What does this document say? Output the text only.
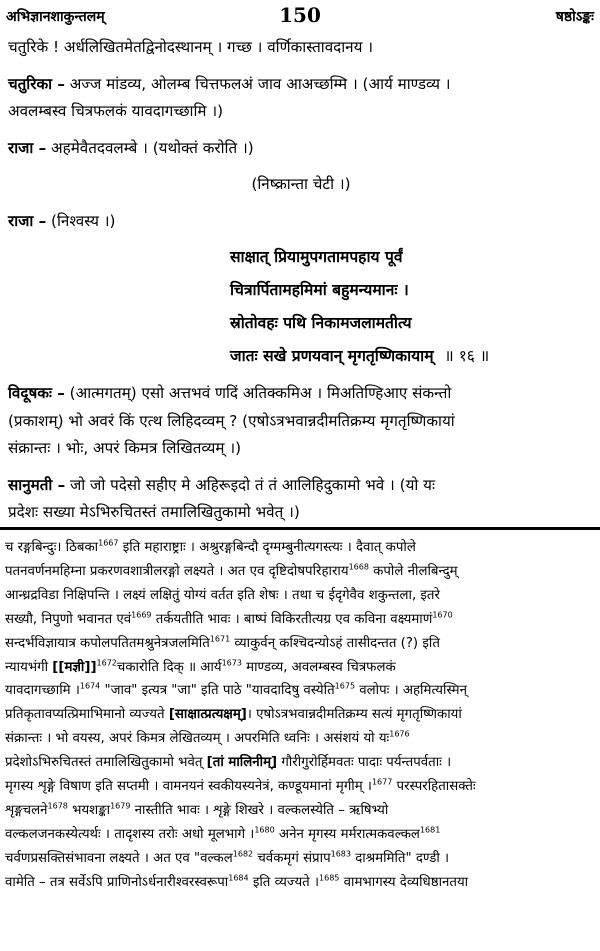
अभिज्ञानशाकुन्तलम्	150	षष्ठोऽङ्कः

चतुरिके ! अर्धलिखितमेतद्विनोदस्थानम् । गच्छ । वर्णिकास्तावदानय ।

चतुरिका – अज्ज मांडव्य, ओलम्ब चित्तफलअं जाव आअच्छम्मि । (आर्य माण्डव्य ।

अवलम्बस्व चित्रफलकं यावदागच्छामि ।)

राजा – अहमेवैतदवलम्बे । (यथोक्तं करोति ।)

(निष्क्रान्ता चेटी ।)

राजा – (निश्वस्य ।)

साक्षात् प्रियामुपगतामपहाय पूर्वं
चित्रार्पितामहमिमां बहुमन्यमानः ।
स्रोतोवहः पथि निकामजलामतीत्य
जातः सखे प्रणयवान् मृगतृष्णिकायाम् ॥ १६ ॥

विदूषकः – (आत्मगतम्) एसो अत्तभवं णदिं अतिक्कमिअ । मिअतिण्हिआए संकन्तो

(प्रकाशम्) भो अवरं किं एत्थ लिहिदव्वम् ? (एषोऽत्रभवान्नदीमतिक्रम्य मृगतृष्णिकायां

संक्रान्तः । भोः, अपरं किमत्र लिखितव्यम् ।)

सानुमती – जो जो पदेसो सहीए मे अहिरूइदो तं तं आलिहिदुकामो भवे । (यो यः

प्रदेशः सख्या मेऽभिरुचितस्तं तमालिखितुकामो भवेत् ।)

च रङ्गबिन्दुः। ठिबका$^{1667}$ इति महाराष्ट्राः । अश्रुरङ्गबिन्दौ दृग्मम्बुनीत्यगस्त्यः । दैवात् कपोले
पतनवर्णनमहिम्ना प्रकरणवशात्रीलरङ्गो लक्ष्यते । अत एव दृष्टिदोषपरिहाराय$^{1668}$ कपोले नीलबिन्दुम्
आन्ध्रद्रविडा निक्षिपन्ति । लक्ष्यं लक्षितुं योग्यं वर्तत इति शेषः । तथा च ईदृगेवैव शकुन्तला, इतरे
सख्यौ, निपुणो भवानत एवं$^{1669}$ तर्कयतीति भावः । बाष्पं विकिरतीत्यग्र एव कविना वक्ष्यमाणं$^{1670}$
सन्दर्भविज्ञायात्र कपोलपतितमश्रुनेत्रजलमिति$^{1671}$ व्याकुर्वन् कश्चिदन्योऽहं तासीदन्तत (?) इति
न्यायभंगी [[मज्ञी]]$^{1672}$चकारोति दिक् ॥ आर्य$^{1673}$ माण्डव्य, अवलम्बस्व चित्रफलकं
यावदागच्छामि ।$^{1674}$ "जाव" इत्यत्र "जा" इति पाठे "यावदादिषु वस्येति$^{1675}$ वलोपः । अहमित्यस्मिन्
प्रतिकृतावप्यत्प्रिमाभिमानो व्यज्यते [साक्षात्प्रत्यक्षम्]। एषोऽत्रभवान्नदीमतिक्रम्य सत्यं मृगतृष्णिकायां
संक्रान्तः । भो वयस्य, अपरं किमत्र लेखितव्यम् । अपरमिति ध्वनिः । असंशयं यो यः$^{1676}$
प्रदेशोऽभिरुचितस्तं तमालिखितुकामो भवेत् [तां मालिनीम्] गौरीगुरोर्हिमवतः पादाः पर्यन्तपर्वताः ।
मृगस्य शृङ्गे विषाण इति सप्तमी । वामनयनं स्वकीयस्यनेत्रं, कण्डूयमानां मृगीम् ।$^{1677}$ परस्परहितासक्तेः
शृङ्गचलने$^{1678}$ भयशङ्का$^{1679}$ नास्तीति भावः । शृङ्गे शिखरे । वल्कलस्येति – ऋषिभ्यो
वल्कलजनकस्येत्यर्थः । तादृशस्य तरोः अधो मूलभागे ।$^{1680}$ अनेन मृगस्य मर्मरात्मकवल्कल$^{1681}$
चर्वणप्रसक्तिसंभावना लक्ष्यते । अत एव "वल्कल$^{1682}$ चर्वकमृगं संप्राप$^{1683}$ दाश्रममिति" दण्डी ।
वामेति – तत्र सर्वेऽपि प्राणिनोऽर्धनारीश्वरस्वरूपा$^{1684}$ इति व्यज्यते ।$^{1685}$ वामभागस्य देव्यधिष्ठानतया
